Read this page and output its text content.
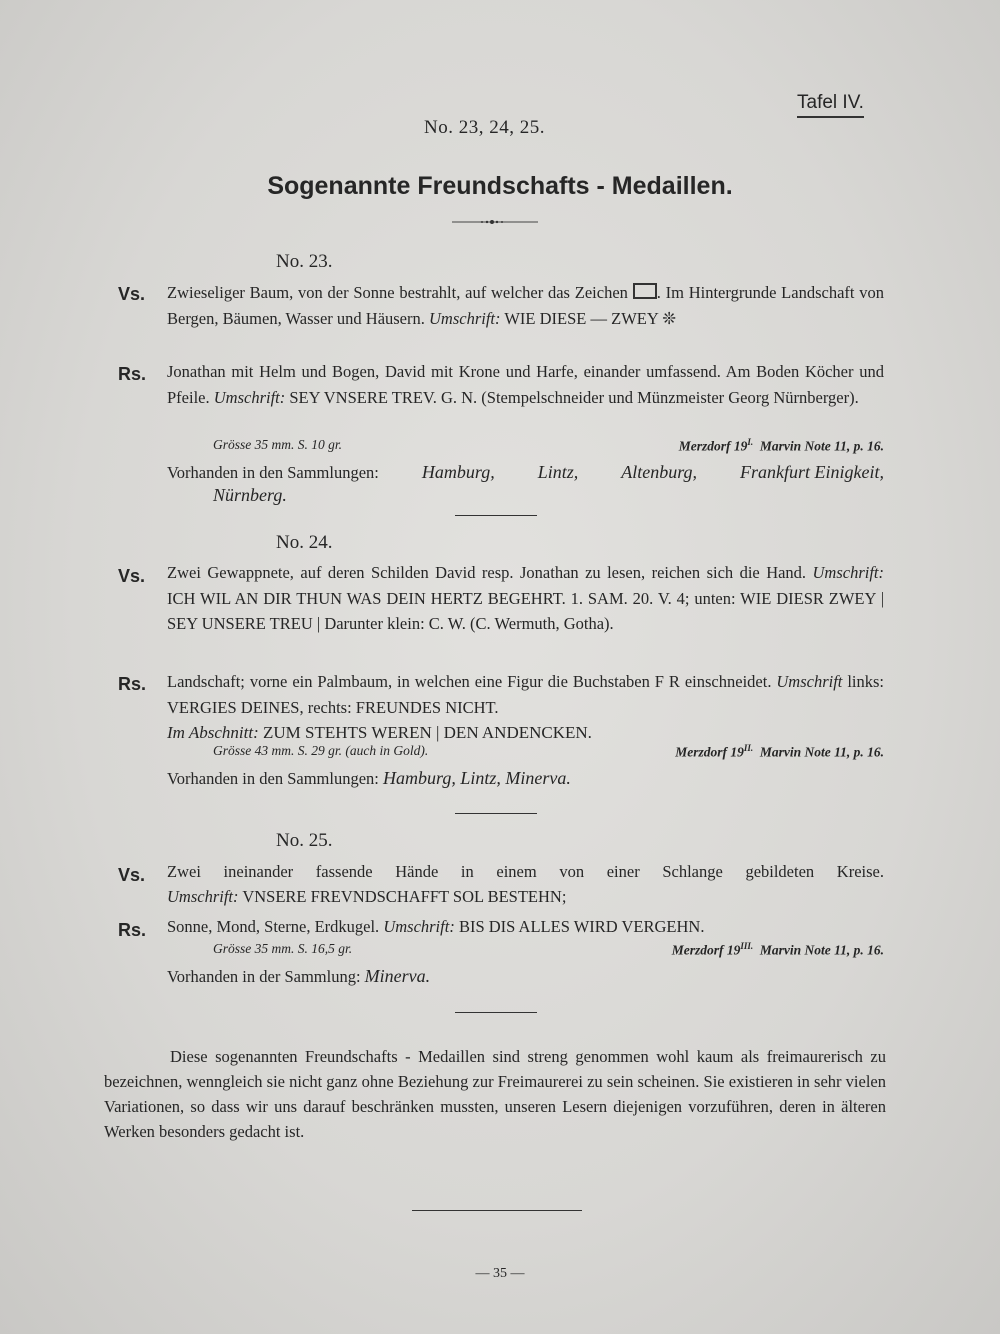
Tafel IV.
No. 23, 24, 25.
Sogenannte Freundschafts - Medaillen.
No. 23.
Vs. Zwieseliger Baum, von der Sonne bestrahlt, auf welcher das Zeichen . Im Hintergrunde Landschaft von Bergen, Bäumen, Wasser und Häusern. Umschrift: WIE DIESE — ZWEY ❊
Rs. Jonathan mit Helm und Bogen, David mit Krone und Harfe, einander umfassend. Am Boden Köcher und Pfeile. Umschrift: SEY VNSERE TREV. G. N. (Stempelschneider und Münzmeister Georg Nürnberger).
Grösse 35 mm. S. 10 gr.	Merzdorf $19^{I.}$ Marvin Note 11, p. 16.
Vorhanden in den Sammlungen: Hamburg, Lintz, Altenburg, Frankfurt Einigkeit,
Nürnberg.
No. 24.
Vs. Zwei Gewappnete, auf deren Schilden David resp. Jonathan zu lesen, reichen sich die Hand. Umschrift: ICH WIL AN DIR THUN WAS DEIN HERTZ BEGEHRT. 1. SAM. 20. V. 4; unten: WIE DIESR ZWEY | SEY UNSERE TREU | Darunter klein: C. W. (C. Wermuth, Gotha).
Rs. Landschaft; vorne ein Palmbaum, in welchen eine Figur die Buchstaben F R einschneidet. Umschrift links: VERGIES DEINES, rechts: FREUNDES NICHT.
Im Abschnitt: ZUM STEHTS WEREN | DEN ANDENCKEN.
Grösse 43 mm. S. 29 gr. (auch in Gold).	Merzdorf $19^{II.}$ Marvin Note 11, p. 16.
Vorhanden in den Sammlungen: Hamburg, Lintz, Minerva.
No. 25.
Vs. Zwei ineinander fassende Hände in einem von einer Schlange gebildeten Kreise.
Umschrift: VNSERE FREVNDSCHAFFT SOL BESTEHN;
Rs. Sonne, Mond, Sterne, Erdkugel. Umschrift: BIS DIS ALLES WIRD VERGEHN.
Grösse 35 mm. S. 16,5 gr.	Merzdorf $19^{III.}$ Marvin Note 11, p. 16.
Vorhanden in der Sammlung: Minerva.
Diese sogenannten Freundschafts - Medaillen sind streng genommen wohl kaum als freimaurerisch zu bezeichnen, wenngleich sie nicht ganz ohne Beziehung zur Freimaurerei zu sein scheinen. Sie existieren in sehr vielen Variationen, so dass wir uns darauf beschränken mussten, unseren Lesern diejenigen vorzuführen, deren in älteren Werken besonders gedacht ist.
— 35 —
